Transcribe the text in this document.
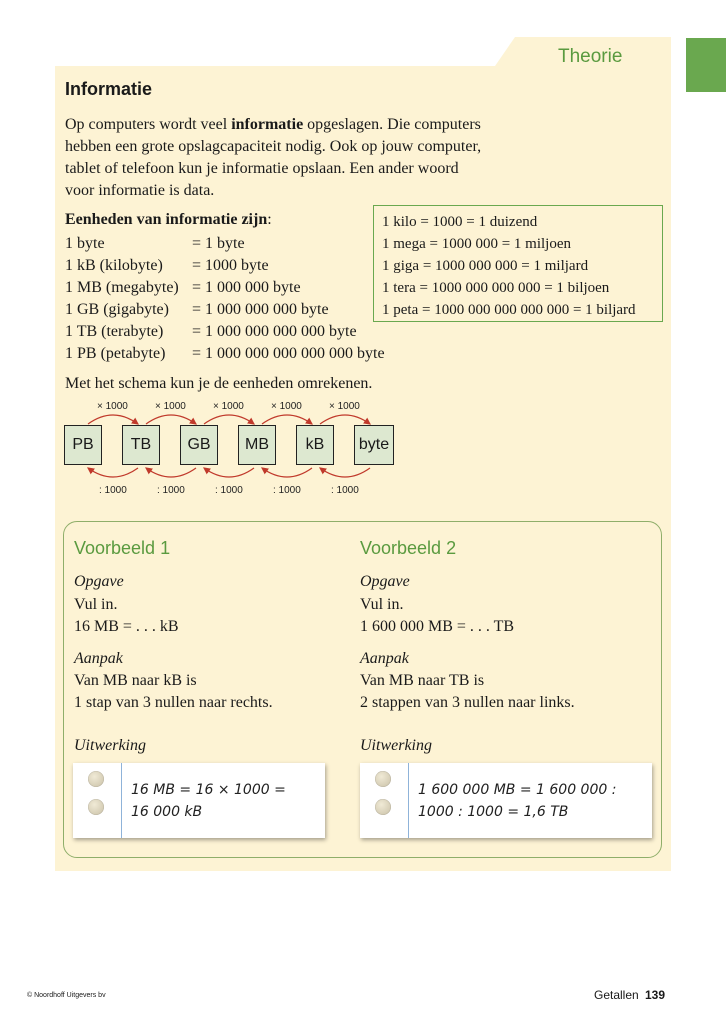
Theorie
Informatie
Op computers wordt veel informatie opgeslagen. Die computers hebben een grote opslagcapaciteit nodig. Ook op jouw computer, tablet of telefoon kun je informatie opslaan. Een ander woord voor informatie is data.
Eenheden van informatie zijn:
1 byte	= 1 byte
1 kB (kilobyte) = 1000 byte
1 MB (megabyte) = 1 000 000 byte
1 GB (gigabyte) = 1 000 000 000 byte
1 TB (terabyte) = 1 000 000 000 000 byte
1 PB (petabyte) = 1 000 000 000 000 000 byte
1 kilo = 1000 = 1 duizend
1 mega = 1000 000 = 1 miljoen
1 giga = 1000 000 000 = 1 miljard
1 tera = 1000 000 000 000 = 1 biljoen
1 peta = 1000 000 000 000 000 = 1 biljard
Met het schema kun je de eenheden omrekenen.
× 1000	× 1000	× 1000	× 1000	× 1000
PB	TB	GB	MB	kB	byte
: 1000	: 1000	: 1000	: 1000	: 1000
Voorbeeld 1
Opgave
Vul in.
16 MB = . . . kB
Aanpak
Van MB naar kB is
1 stap van 3 nullen naar rechts.
Uitwerking
16 MB = 16 × 1000 =
16 000 kB
Voorbeeld 2
Opgave
Vul in.
1 600 000 MB = . . . TB
Aanpak
Van MB naar TB is
2 stappen van 3 nullen naar links.
Uitwerking
1 600 000 MB = 1 600 000 :
1000 : 1000 = 1,6 TB
© Noordhoff Uitgevers bv	Getallen 139
